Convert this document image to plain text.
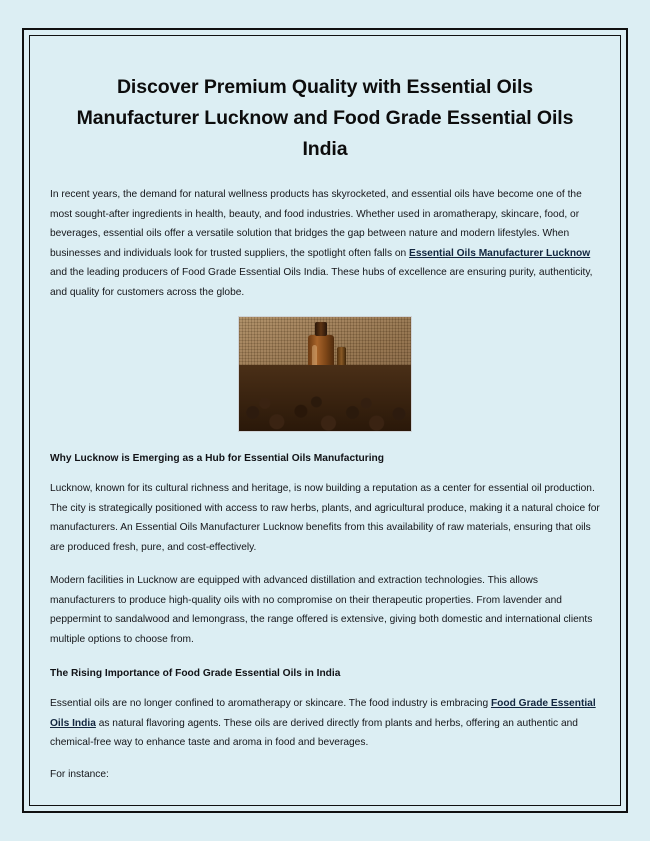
Discover Premium Quality with Essential Oils Manufacturer Lucknow and Food Grade Essential Oils India

In recent years, the demand for natural wellness products has skyrocketed, and essential oils have become one of the most sought-after ingredients in health, beauty, and food industries. Whether used in aromatherapy, skincare, food, or beverages, essential oils offer a versatile solution that bridges the gap between nature and modern lifestyles. When businesses and individuals look for trusted suppliers, the spotlight often falls on Essential Oils Manufacturer Lucknow and the leading producers of Food Grade Essential Oils India. These hubs of excellence are ensuring purity, authenticity, and quality for customers across the globe.

Why Lucknow is Emerging as a Hub for Essential Oils Manufacturing

Lucknow, known for its cultural richness and heritage, is now building a reputation as a center for essential oil production. The city is strategically positioned with access to raw herbs, plants, and agricultural produce, making it a natural choice for manufacturers. An Essential Oils Manufacturer Lucknow benefits from this availability of raw materials, ensuring that oils are produced fresh, pure, and cost-effectively.

Modern facilities in Lucknow are equipped with advanced distillation and extraction technologies. This allows manufacturers to produce high-quality oils with no compromise on their therapeutic properties. From lavender and peppermint to sandalwood and lemongrass, the range offered is extensive, giving both domestic and international clients multiple options to choose from.

The Rising Importance of Food Grade Essential Oils in India

Essential oils are no longer confined to aromatherapy or skincare. The food industry is embracing Food Grade Essential Oils India as natural flavoring agents. These oils are derived directly from plants and herbs, offering an authentic and chemical-free way to enhance taste and aroma in food and beverages.

For instance:
